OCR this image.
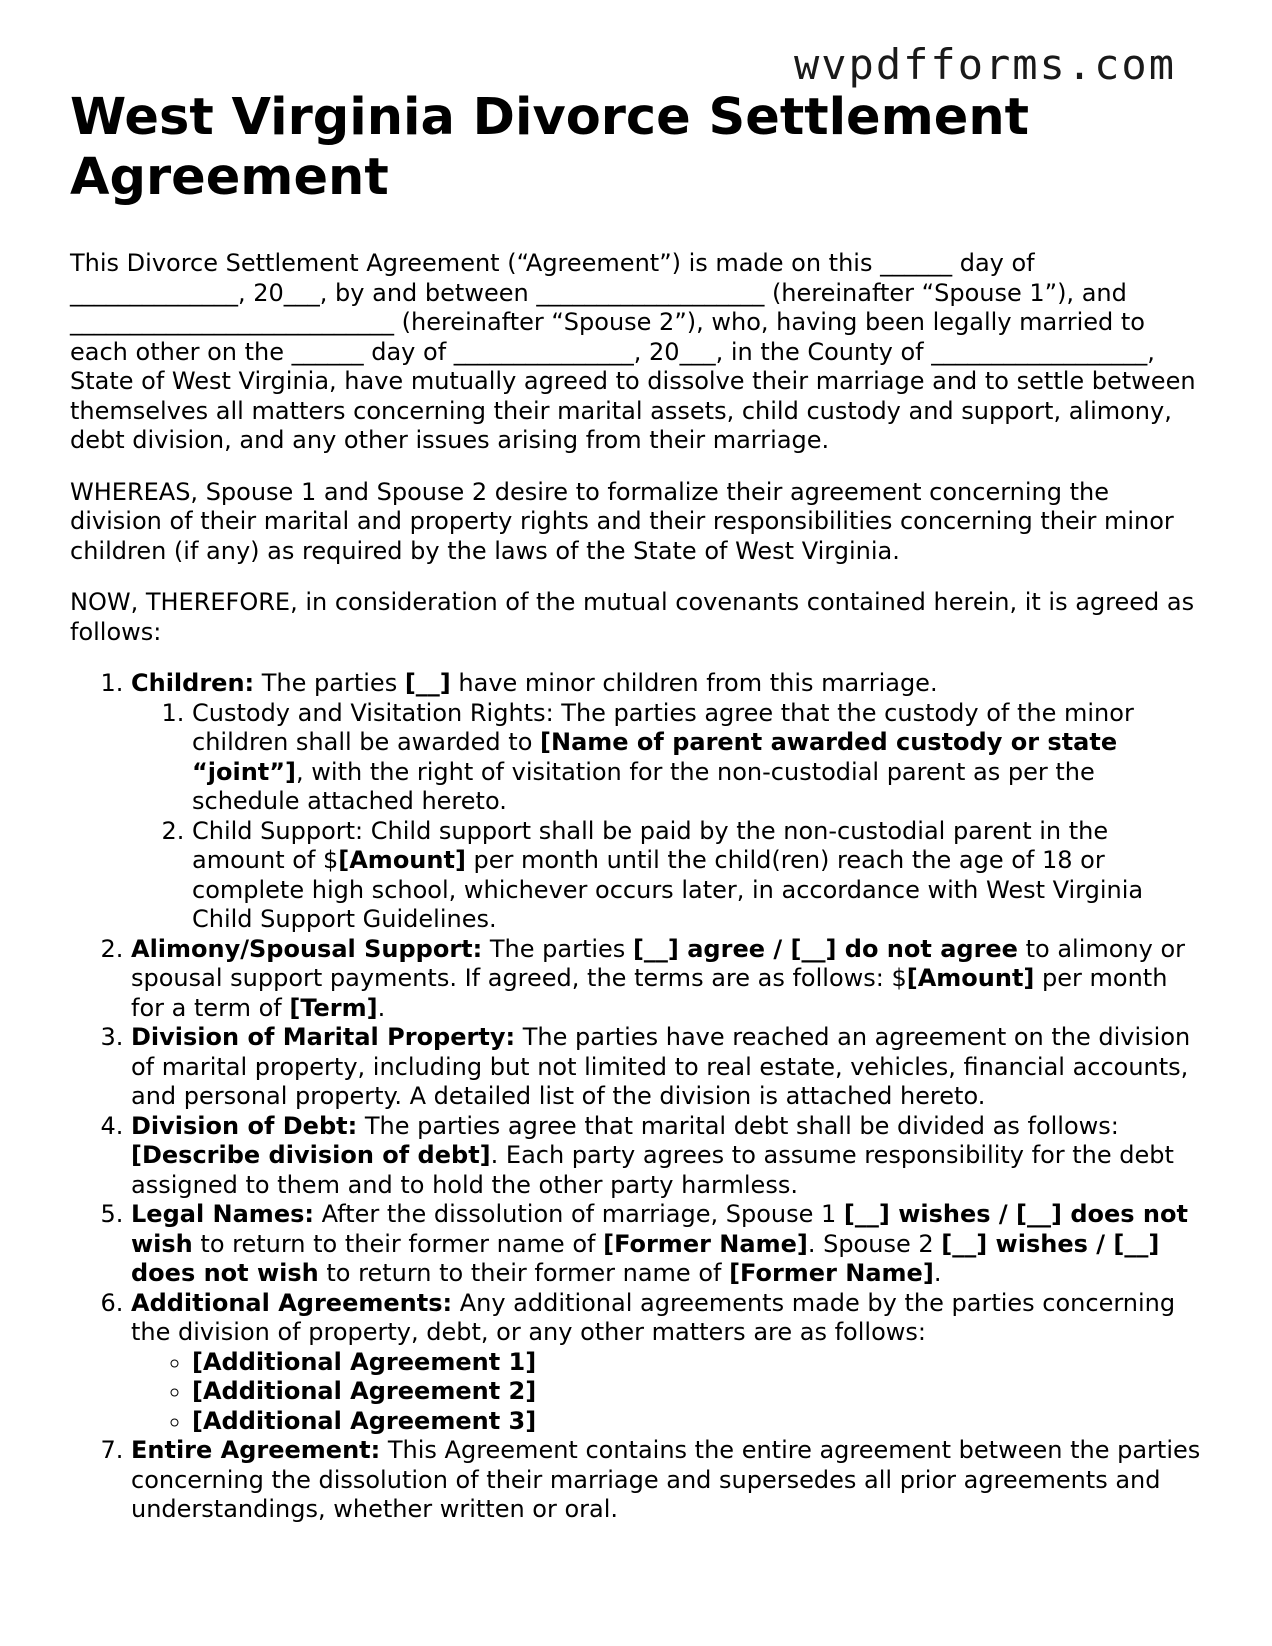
wvpdfforms.com
West Virginia Divorce Settlement Agreement

This Divorce Settlement Agreement (“Agreement”) is made on this ______ day of ______________, 20___, by and between ___________________ (hereinafter “Spouse 1”), and ___________________________ (hereinafter “Spouse 2”), who, having been legally married to each other on the ______ day of _______________, 20___, in the County of __________________, State of West Virginia, have mutually agreed to dissolve their marriage and to settle between themselves all matters concerning their marital assets, child custody and support, alimony, debt division, and any other issues arising from their marriage.

WHEREAS, Spouse 1 and Spouse 2 desire to formalize their agreement concerning the division of their marital and property rights and their responsibilities concerning their minor children (if any) as required by the laws of the State of West Virginia.

NOW, THEREFORE, in consideration of the mutual covenants contained herein, it is agreed as follows:

1. Children: The parties [__] have minor children from this marriage.
1. Custody and Visitation Rights: The parties agree that the custody of the minor children shall be awarded to [Name of parent awarded custody or state “joint”], with the right of visitation for the non-custodial parent as per the schedule attached hereto.
2. Child Support: Child support shall be paid by the non-custodial parent in the amount of $[Amount] per month until the child(ren) reach the age of 18 or complete high school, whichever occurs later, in accordance with West Virginia Child Support Guidelines.
2. Alimony/Spousal Support: The parties [__] agree / [__] do not agree to alimony or spousal support payments. If agreed, the terms are as follows: $[Amount] per month for a term of [Term].
3. Division of Marital Property: The parties have reached an agreement on the division of marital property, including but not limited to real estate, vehicles, financial accounts, and personal property. A detailed list of the division is attached hereto.
4. Division of Debt: The parties agree that marital debt shall be divided as follows: [Describe division of debt]. Each party agrees to assume responsibility for the debt assigned to them and to hold the other party harmless.
5. Legal Names: After the dissolution of marriage, Spouse 1 [__] wishes / [__] does not wish to return to their former name of [Former Name]. Spouse 2 [__] wishes / [__] does not wish to return to their former name of [Former Name].
6. Additional Agreements: Any additional agreements made by the parties concerning the division of property, debt, or any other matters are as follows:
◦ [Additional Agreement 1]
◦ [Additional Agreement 2]
◦ [Additional Agreement 3]
7. Entire Agreement: This Agreement contains the entire agreement between the parties concerning the dissolution of their marriage and supersedes all prior agreements and understandings, whether written or oral.
